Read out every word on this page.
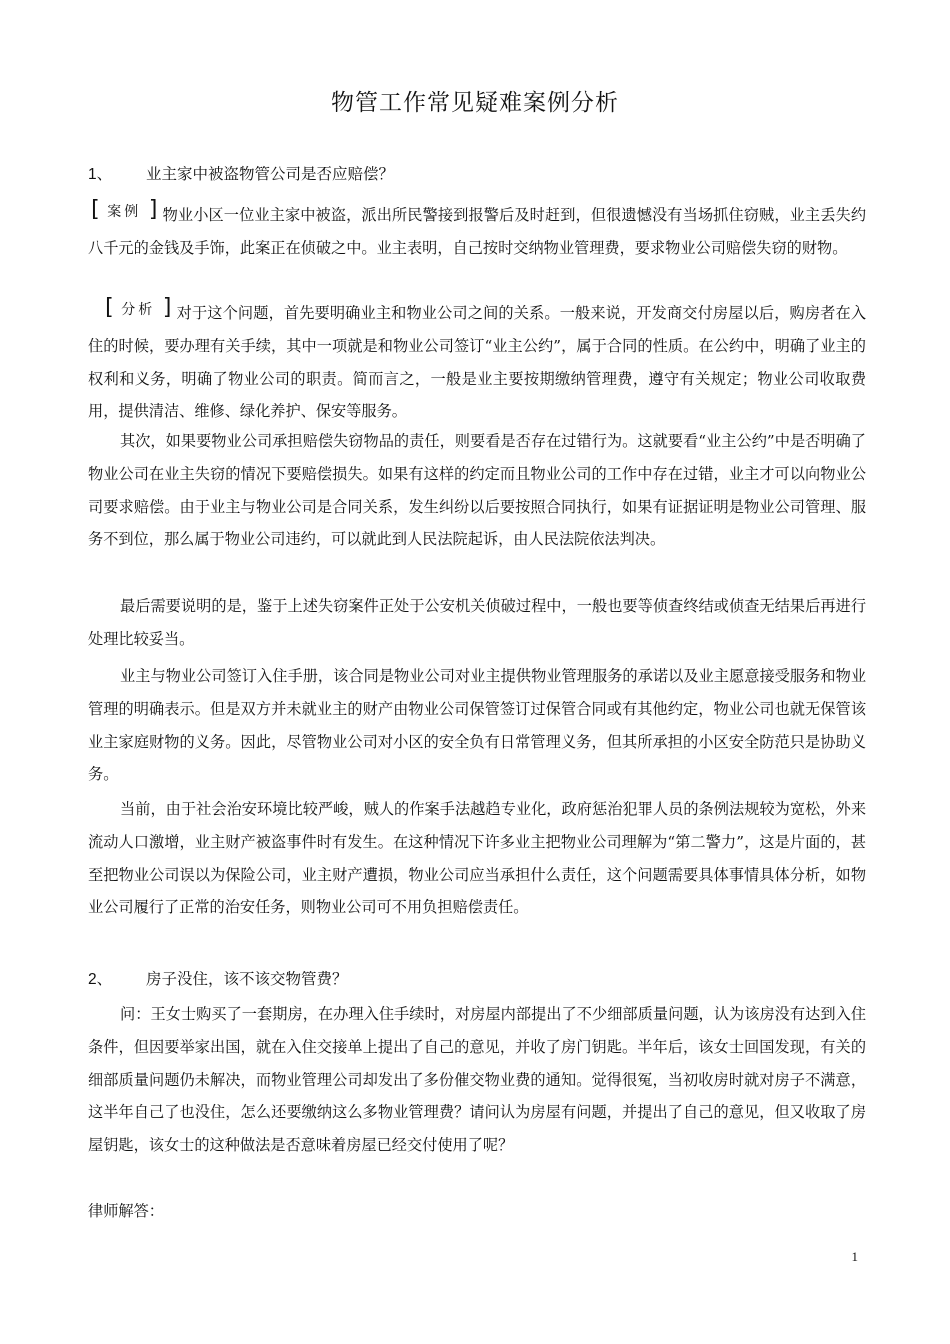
物管工作常见疑难案例分析
1、	业主家中被盗物管公司是否应赔偿？

[ 案例 ] 物业小区一位业主家中被盗，派出所民警接到报警后及时赶到，但很遗憾没有当场抓住窃贼，业主丢失约八千元的金钱及手饰，此案正在侦破之中。业主表明，自己按时交纳物业管理费，要求物业公司赔偿失窃的财物。

[ 分析 ] 对于这个问题，首先要明确业主和物业公司之间的关系。一般来说，开发商交付房屋以后，购房者在入住的时候，要办理有关手续，其中一项就是和物业公司签订“业主公约”，属于合同的性质。在公约中，明确了业主的权利和义务，明确了物业公司的职责。简而言之，一般是业主要按期缴纳管理费，遵守有关规定；物业公司收取费用，提供清洁、维修、绿化养护、保安等服务。

其次，如果要物业公司承担赔偿失窃物品的责任，则要看是否存在过错行为。这就要看“业主公约”中是否明确了物业公司在业主失窃的情况下要赔偿损失。如果有这样的约定而且物业公司的工作中存在过错，业主才可以向物业公司要求赔偿。由于业主与物业公司是合同关系，发生纠纷以后要按照合同执行，如果有证据证明是物业公司管理、服务不到位，那么属于物业公司违约，可以就此到人民法院起诉，由人民法院依法判决。

最后需要说明的是，鉴于上述失窃案件正处于公安机关侦破过程中，一般也要等侦查终结或侦查无结果后再进行处理比较妥当。

业主与物业公司签订入住手册，该合同是物业公司对业主提供物业管理服务的承诺以及业主愿意接受服务和物业管理的明确表示。但是双方并未就业主的财产由物业公司保管签订过保管合同或有其他约定，物业公司也就无保管该业主家庭财物的义务。因此，尽管物业公司对小区的安全负有日常管理义务，但其所承担的小区安全防范只是协助义务。

当前，由于社会治安环境比较严峻，贼人的作案手法越趋专业化，政府惩治犯罪人员的条例法规较为宽松，外来流动人口激增，业主财产被盗事件时有发生。在这种情况下许多业主把物业公司理解为“第二警力”，这是片面的，甚至把物业公司误以为保险公司，业主财产遭损，物业公司应当承担什么责任，这个问题需要具体事情具体分析，如物业公司履行了正常的治安任务，则物业公司可不用负担赔偿责任。

2、	房子没住，该不该交物管费？

问：王女士购买了一套期房，在办理入住手续时，对房屋内部提出了不少细部质量问题，认为该房没有达到入住条件，但因要举家出国，就在入住交接单上提出了自己的意见，并收了房门钥匙。半年后，该女士回国发现，有关的细部质量问题仍未解决，而物业管理公司却发出了多份催交物业费的通知。觉得很冤，当初收房时就对房子不满意，这半年自己了也没住，怎么还要缴纳这么多物业管理费？请问认为房屋有问题，并提出了自己的意见，但又收取了房屋钥匙，该女士的这种做法是否意味着房屋已经交付使用了呢？

律师解答：

1
